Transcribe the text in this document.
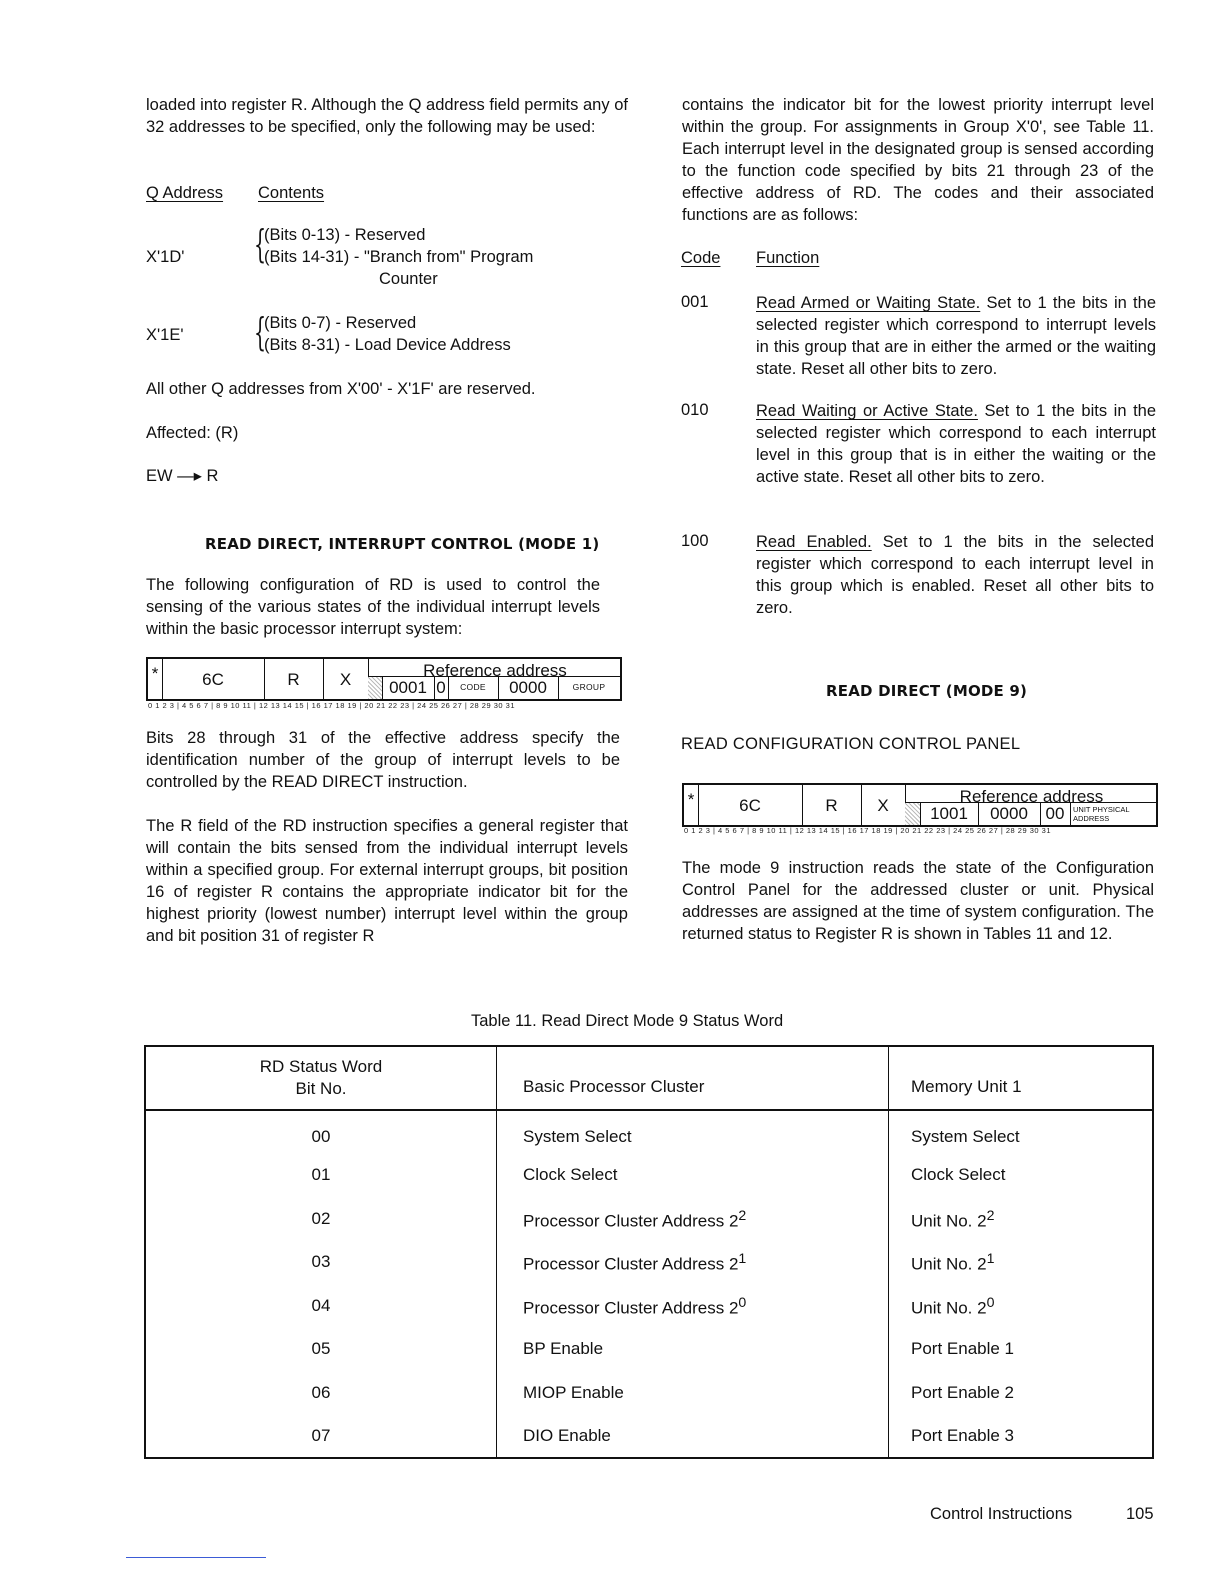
loaded into register R. Although the Q address field permits any of 32 addresses to be specified, only the following may be used:
Q Address Contents
X'1D' {
(Bits 0-13) - Reserved
(Bits 14-31) - "Branch from" Program
Counter
X'1E' {
(Bits 0-7) - Reserved
(Bits 8-31) - Load Device Address
All other Q addresses from X'00' - X'1F' are reserved.
Affected: (R)
EW —▸ R
READ DIRECT, INTERRUPT CONTROL (MODE 1)
The following configuration of RD is used to control the sensing of the various states of the individual interrupt levels within the basic processor interrupt system:
*	6C	R	X	Reference address
0001 0	CODE	0000	GROUP
0 1 2 3 | 4 5 6 7 | 8 9 10 11 | 12 13 14 15 | 16 17 18 19 | 20 21 22 23 | 24 25 26 27 | 28 29 30 31
Bits 28 through 31 of the effective address specify the identification number of the group of interrupt levels to be controlled by the READ DIRECT instruction.
The R field of the RD instruction specifies a general register that will contain the bits sensed from the individual interrupt levels within a specified group. For external interrupt groups, bit position 16 of register R contains the appropriate indicator bit for the highest priority (lowest number) interrupt level within the group and bit position 31 of register R
contains the indicator bit for the lowest priority interrupt level within the group. For assignments in Group X'0', see Table 11. Each interrupt level in the designated group is sensed according to the function code specified by bits 21 through 23 of the effective address of RD. The codes and their associated functions are as follows:
Code Function
001	Read Armed or Waiting State. Set to 1 the bits in the selected register which correspond to interrupt levels in this group that are in either the armed or the waiting state. Reset all other bits to zero.
010	Read Waiting or Active State. Set to 1 the bits in the selected register which correspond to each interrupt level in this group that is in either the waiting or the active state. Reset all other bits to zero.
100	Read Enabled. Set to 1 the bits in the selected register which correspond to each interrupt level in this group which is enabled. Reset all other bits to zero.
READ DIRECT (MODE 9)
READ CONFIGURATION CONTROL PANEL
*	6C	R	X	Reference address
1001	0000	00	UNIT PHYSICAL ADDRESS
0 1 2 3 | 4 5 6 7 | 8 9 10 11 | 12 13 14 15 | 16 17 18 19 | 20 21 22 23 | 24 25 26 27 | 28 29 30 31
The mode 9 instruction reads the state of the Configuration Control Panel for the addressed cluster or unit. Physical addresses are assigned at the time of system configuration. The returned status to Register R is shown in Tables 11 and 12.
Table 11. Read Direct Mode 9 Status Word
RD Status Word
Bit No.	Basic Processor Cluster	Memory Unit 1
00	System Select	System Select
01	Clock Select	Clock Select
02	Processor Cluster Address $2^2$	Unit No. $2^2$
03	Processor Cluster Address $2^1$	Unit No. $2^1$
04	Processor Cluster Address $2^0$	Unit No. $2^0$
05	BP Enable	Port Enable 1
06	MIOP Enable	Port Enable 2
07	DIO Enable	Port Enable 3
Control Instructions	105
